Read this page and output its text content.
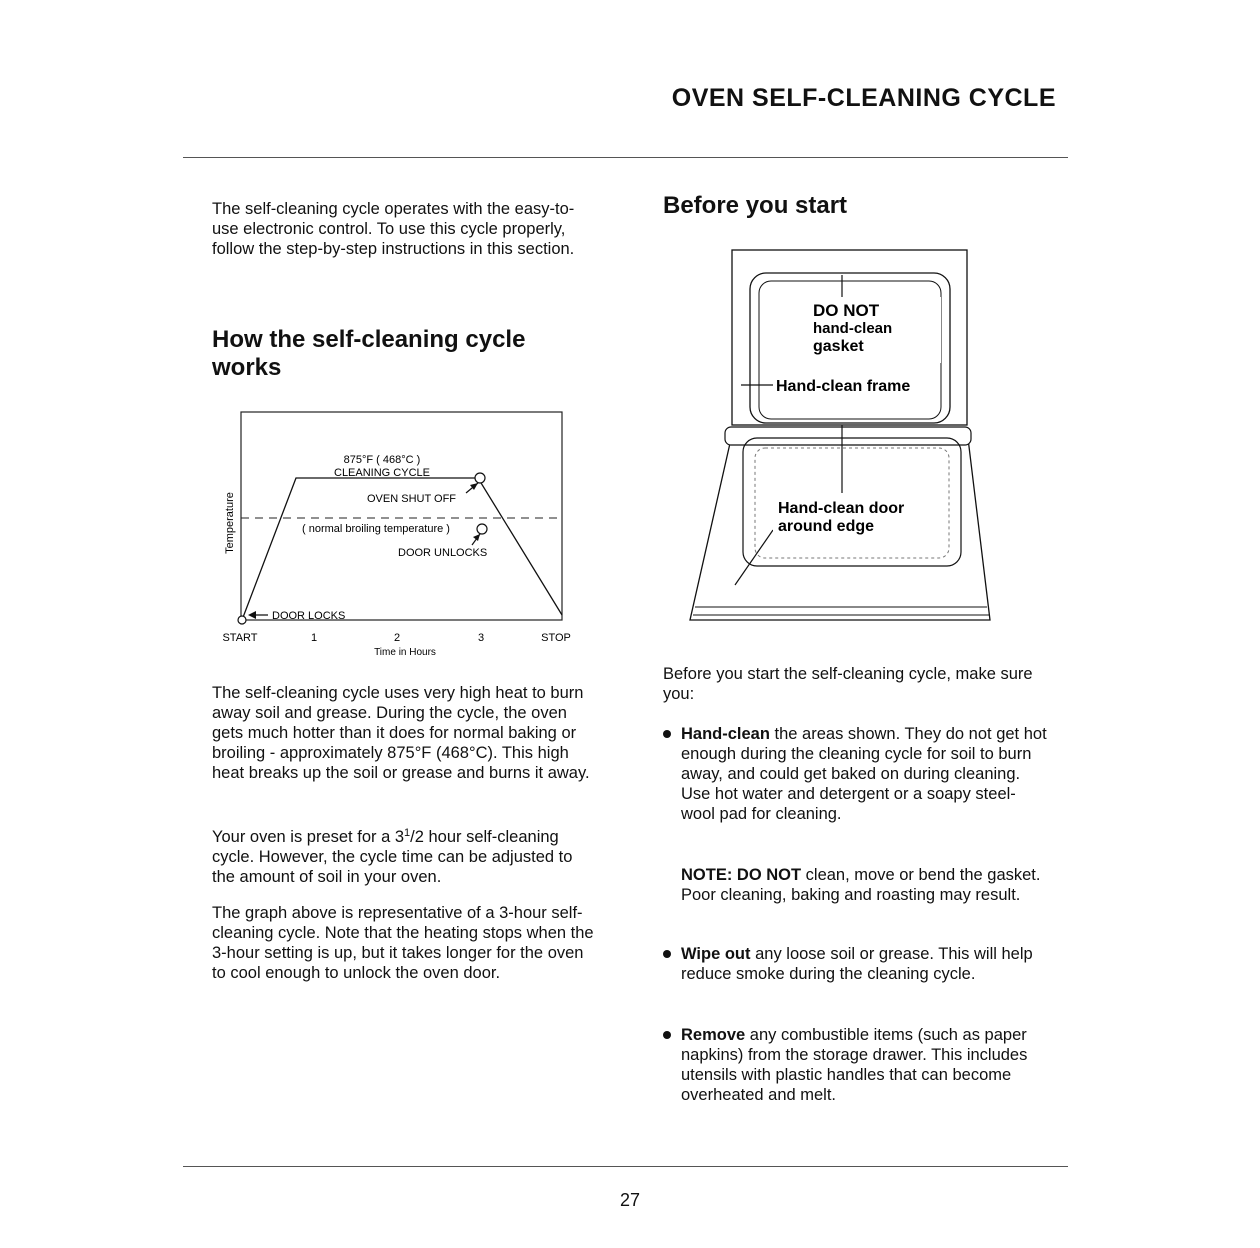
OVEN SELF-CLEANING CYCLE

The self-cleaning cycle operates with the easy-to-use electronic control. To use this cycle properly, follow the step-by-step instructions in this section.

How the self-cleaning cycle works
875°F ( 468°C )
CLEANING CYCLE
OVEN SHUT OFF
( normal broiling temperature )
DOOR UNLOCKS
DOOR LOCKS
Temperature
START	1	2	3	STOP
Time in Hours

The self-cleaning cycle uses very high heat to burn away soil and grease. During the cycle, the oven gets much hotter than it does for normal baking or broiling - approximately 875°F (468°C). This high heat breaks up the soil or grease and burns it away.

Your oven is preset for a $3^1/2$ hour self-cleaning cycle. However, the cycle time can be adjusted to the amount of soil in your oven.

The graph above is representative of a 3-hour self-cleaning cycle. Note that the heating stops when the 3-hour setting is up, but it takes longer for the oven to cool enough to unlock the oven door.

Before you start
DO NOT
hand-clean
gasket
Hand-clean frame
Hand-clean door
around edge

Before you start the self-cleaning cycle, make sure you:

Hand-clean the areas shown. They do not get hot enough during the cleaning cycle for soil to burn away, and could get baked on during cleaning. Use hot water and detergent or a soapy steel-wool pad for cleaning.

NOTE: DO NOT clean, move or bend the gasket. Poor cleaning, baking and roasting may result.

Wipe out any loose soil or grease. This will help reduce smoke during the cleaning cycle.
Remove any combustible items (such as paper napkins) from the storage drawer. This includes utensils with plastic handles that can become overheated and melt.
27
